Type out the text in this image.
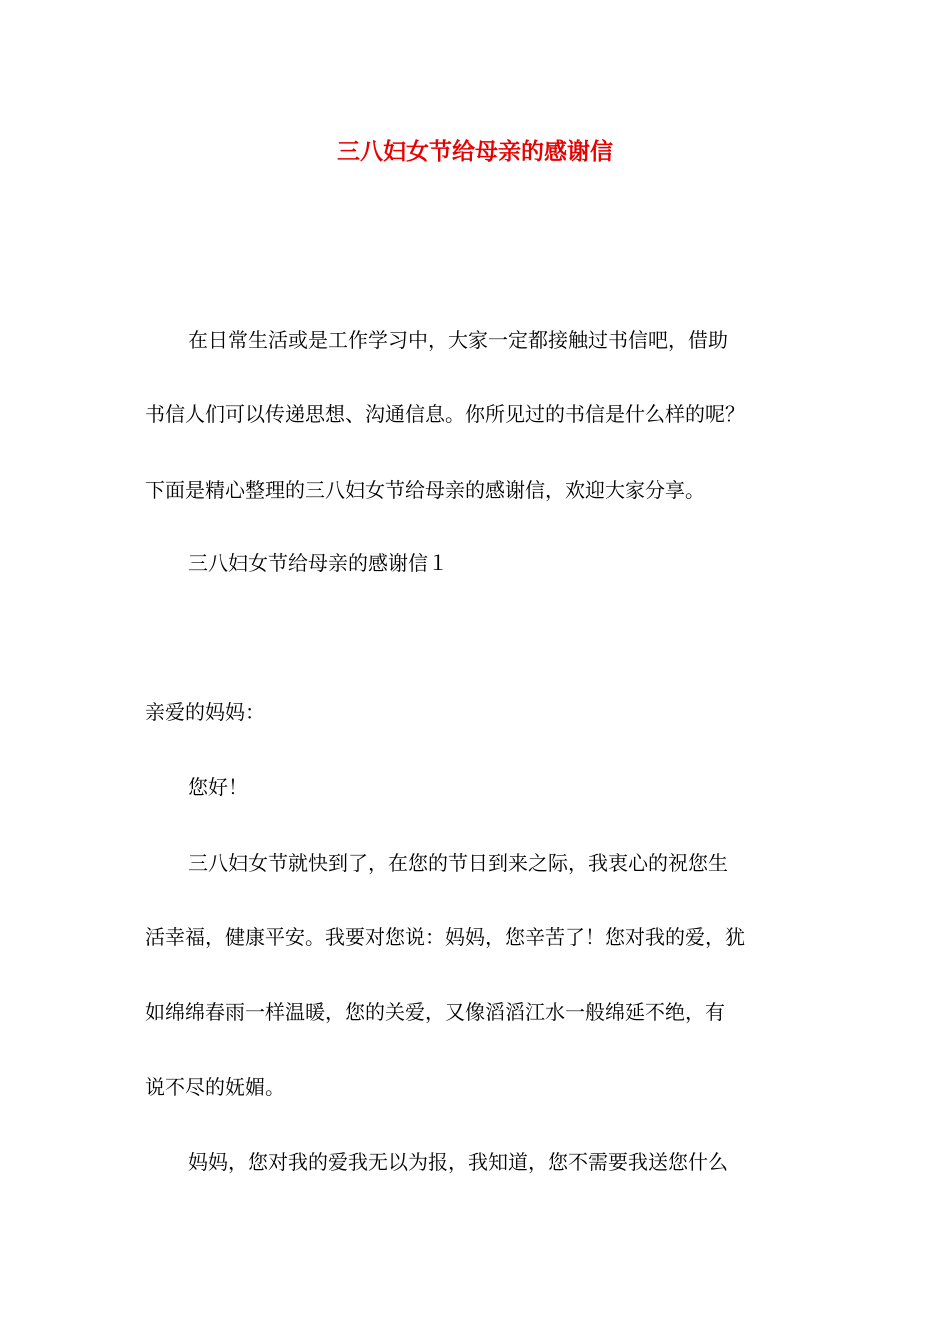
三八妇女节给母亲的感谢信

在日常生活或是工作学习中，大家一定都接触过书信吧，借助

书信人们可以传递思想、沟通信息。你所见过的书信是什么样的呢？

下面是精心整理的三八妇女节给母亲的感谢信，欢迎大家分享。

三八妇女节给母亲的感谢信１

亲爱的妈妈：

您好！

三八妇女节就快到了，在您的节日到来之际，我衷心的祝您生

活幸福，健康平安。我要对您说：妈妈，您辛苦了！您对我的爱，犹

如绵绵春雨一样温暖，您的关爱，又像滔滔江水一般绵延不绝，有

说不尽的妩媚。

妈妈，您对我的爱我无以为报，我知道，您不需要我送您什么
